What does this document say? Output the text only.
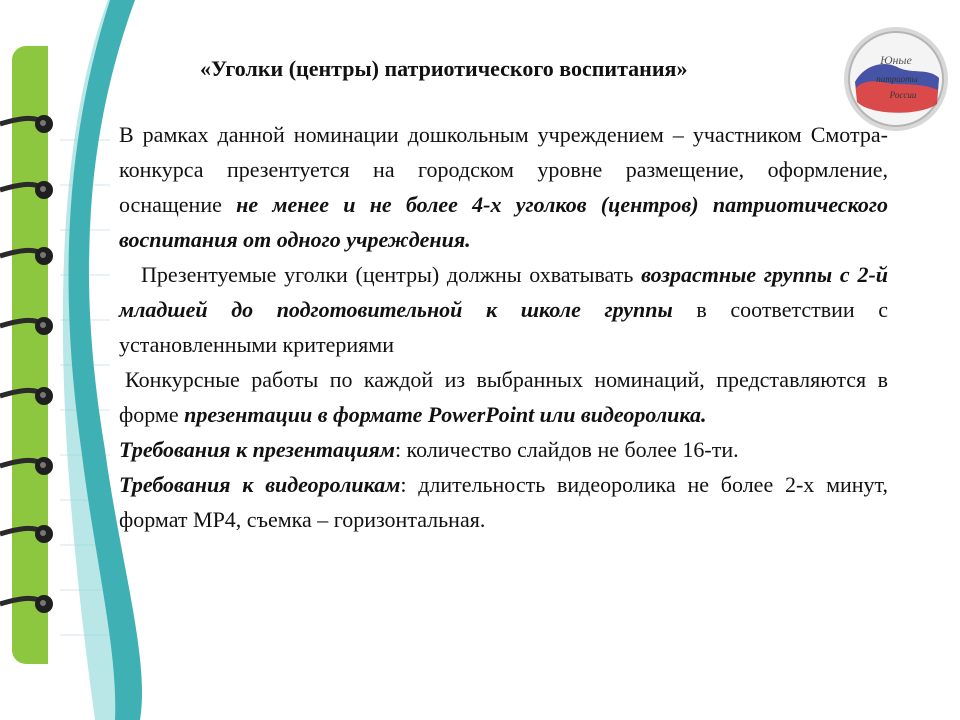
Юные
патриоты
России
«Уголки (центры) патриотического воспитания»

В рамках данной номинации дошкольным учреждением – участником Смотра-конкурса презентуется на городском уровне размещение, оформление, оснащение не менее и не более 4-х уголков (центров) патриотического воспитания от одного учреждения.

Презентуемые уголки (центры) должны охватывать возрастные группы с 2-й младшей до подготовительной к школе группы в соответствии с установленными критериями

Конкурсные работы по каждой из выбранных номинаций, представляются в форме презентации в формате PowerPoint или видеоролика.

Требования к презентациям: количество слайдов не более 16-ти.

Требования к видеороликам: длительность видеоролика не более 2-х минут, формат MP4, съемка – горизонтальная.
